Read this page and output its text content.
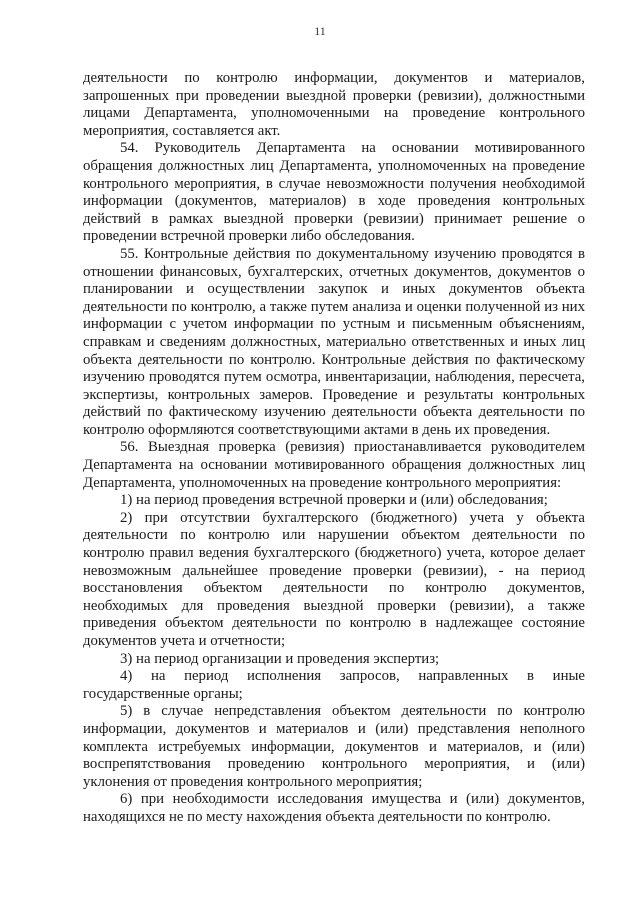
11

деятельности по контролю информации, документов и материалов, запрошенных при проведении выездной проверки (ревизии), должностными лицами Департамента, уполномоченными на проведение контрольного мероприятия, составляется акт.

54. Руководитель Департамента на основании мотивированного обращения должностных лиц Департамента, уполномоченных на проведение контрольного мероприятия, в случае невозможности получения необходимой информации (документов, материалов) в ходе проведения контрольных действий в рамках выездной проверки (ревизии) принимает решение о проведении встречной проверки либо обследования.

55. Контрольные действия по документальному изучению проводятся в отношении финансовых, бухгалтерских, отчетных документов, документов о планировании и осуществлении закупок и иных документов объекта деятельности по контролю, а также путем анализа и оценки полученной из них информации с учетом информации по устным и письменным объяснениям, справкам и сведениям должностных, материально ответственных и иных лиц объекта деятельности по контролю. Контрольные действия по фактическому изучению проводятся путем осмотра, инвентаризации, наблюдения, пересчета, экспертизы, контрольных замеров. Проведение и результаты контрольных действий по фактическому изучению деятельности объекта деятельности по контролю оформляются соответствующими актами в день их проведения.

56. Выездная проверка (ревизия) приостанавливается руководителем Департамента на основании мотивированного обращения должностных лиц Департамента, уполномоченных на проведение контрольного мероприятия:

1) на период проведения встречной проверки и (или) обследования;

2) при отсутствии бухгалтерского (бюджетного) учета у объекта деятельности по контролю или нарушении объектом деятельности по контролю правил ведения бухгалтерского (бюджетного) учета, которое делает невозможным дальнейшее проведение проверки (ревизии), - на период восстановления объектом деятельности по контролю документов, необходимых для проведения выездной проверки (ревизии), а также приведения объектом деятельности по контролю в надлежащее состояние документов учета и отчетности;

3) на период организации и проведения экспертиз;

4) на период исполнения запросов, направленных в иные государственные органы;

5) в случае непредставления объектом деятельности по контролю информации, документов и материалов и (или) представления неполного комплекта истребуемых информации, документов и материалов, и (или) воспрепятствования проведению контрольного мероприятия, и (или) уклонения от проведения контрольного мероприятия;

6) при необходимости исследования имущества и (или) документов, находящихся не по месту нахождения объекта деятельности по контролю.
